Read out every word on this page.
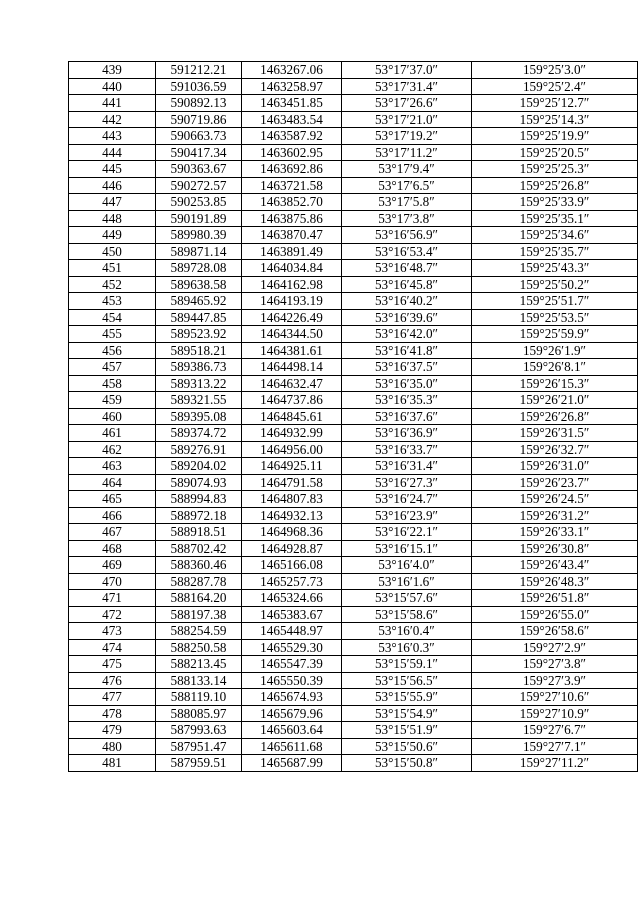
439	591212.21	1463267.06	53°17′37.0″	159°25′3.0″
440	591036.59	1463258.97	53°17′31.4″	159°25′2.4″
441	590892.13	1463451.85	53°17′26.6″	159°25′12.7″
442	590719.86	1463483.54	53°17′21.0″	159°25′14.3″
443	590663.73	1463587.92	53°17′19.2″	159°25′19.9″
444	590417.34	1463602.95	53°17′11.2″	159°25′20.5″
445	590363.67	1463692.86	53°17′9.4″	159°25′25.3″
446	590272.57	1463721.58	53°17′6.5″	159°25′26.8″
447	590253.85	1463852.70	53°17′5.8″	159°25′33.9″
448	590191.89	1463875.86	53°17′3.8″	159°25′35.1″
449	589980.39	1463870.47	53°16′56.9″	159°25′34.6″
450	589871.14	1463891.49	53°16′53.4″	159°25′35.7″
451	589728.08	1464034.84	53°16′48.7″	159°25′43.3″
452	589638.58	1464162.98	53°16′45.8″	159°25′50.2″
453	589465.92	1464193.19	53°16′40.2″	159°25′51.7″
454	589447.85	1464226.49	53°16′39.6″	159°25′53.5″
455	589523.92	1464344.50	53°16′42.0″	159°25′59.9″
456	589518.21	1464381.61	53°16′41.8″	159°26′1.9″
457	589386.73	1464498.14	53°16′37.5″	159°26′8.1″
458	589313.22	1464632.47	53°16′35.0″	159°26′15.3″
459	589321.55	1464737.86	53°16′35.3″	159°26′21.0″
460	589395.08	1464845.61	53°16′37.6″	159°26′26.8″
461	589374.72	1464932.99	53°16′36.9″	159°26′31.5″
462	589276.91	1464956.00	53°16′33.7″	159°26′32.7″
463	589204.02	1464925.11	53°16′31.4″	159°26′31.0″
464	589074.93	1464791.58	53°16′27.3″	159°26′23.7″
465	588994.83	1464807.83	53°16′24.7″	159°26′24.5″
466	588972.18	1464932.13	53°16′23.9″	159°26′31.2″
467	588918.51	1464968.36	53°16′22.1″	159°26′33.1″
468	588702.42	1464928.87	53°16′15.1″	159°26′30.8″
469	588360.46	1465166.08	53°16′4.0″	159°26′43.4″
470	588287.78	1465257.73	53°16′1.6″	159°26′48.3″
471	588164.20	1465324.66	53°15′57.6″	159°26′51.8″
472	588197.38	1465383.67	53°15′58.6″	159°26′55.0″
473	588254.59	1465448.97	53°16′0.4″	159°26′58.6″
474	588250.58	1465529.30	53°16′0.3″	159°27′2.9″
475	588213.45	1465547.39	53°15′59.1″	159°27′3.8″
476	588133.14	1465550.39	53°15′56.5″	159°27′3.9″
477	588119.10	1465674.93	53°15′55.9″	159°27′10.6″
478	588085.97	1465679.96	53°15′54.9″	159°27′10.9″
479	587993.63	1465603.64	53°15′51.9″	159°27′6.7″
480	587951.47	1465611.68	53°15′50.6″	159°27′7.1″
481	587959.51	1465687.99	53°15′50.8″	159°27′11.2″
